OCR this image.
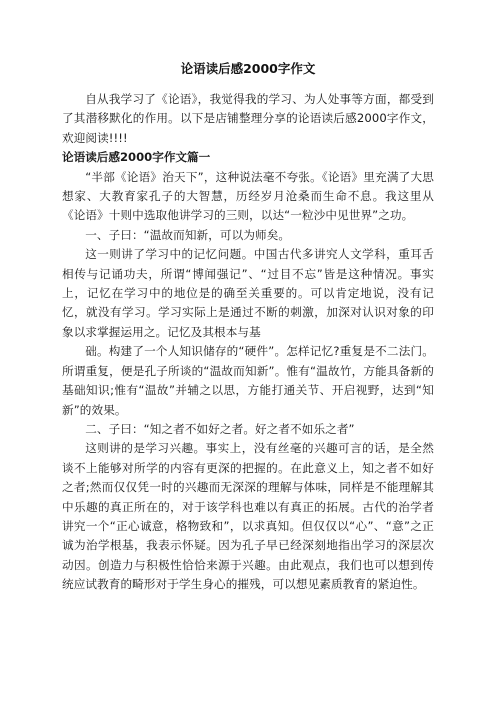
论语读后感2000字作文

自从我学习了《论语》，我觉得我的学习、为人处事等方面，都受到了其潜移默化的作用。以下是店铺整理分享的论语读后感2000字作文，欢迎阅读!!!!

论语读后感2000字作文篇一

“半部《论语》治天下”，这种说法毫不夸张。《论语》里充满了大思想家、大教育家孔子的大智慧，历经岁月沧桑而生命不息。我这里从《论语》十则中选取他讲学习的三则，以达“一粒沙中见世界”之功。

一、子曰：“温故而知新，可以为师矣。

这一则讲了学习中的记忆问题。中国古代多讲究人文学科，重耳舌相传与记诵功夫，所谓“博闻强记”、“过目不忘”皆是这种情况。事实上，记忆在学习中的地位是的确至关重要的。可以肯定地说，没有记忆，就没有学习。学习实际上是通过不断的刺激，加深对认识对象的印象以求掌握运用之。记忆及其根本与基

础。构建了一个人知识储存的“硬件”。怎样记忆?重复是不二法门。所谓重复，便是孔子所谈的“温故而知新”。惟有“温故竹，方能具备新的基础知识;惟有“温故”并辅之以思，方能打通关节、开启视野，达到“知新”的效果。

二、子曰：“知之者不如好之者。好之者不如乐之者”

这则讲的是学习兴趣。事实上，没有丝毫的兴趣可言的话，是全然谈不上能够对所学的内容有更深的把握的。在此意义上，知之者不如好之者;然而仅仅凭一时的兴趣而无深深的理解与体味，同样是不能理解其中乐趣的真正所在的，对于该学科也难以有真正的拓展。古代的治学者讲究一个“正心诚意，格物致和”，以求真知。但仅仅以“心”、“意”之正诚为治学根基，我表示怀疑。因为孔子早已经深刻地指出学习的深层次动因。创造力与积极性恰恰来源于兴趣。由此观点，我们也可以想到传统应试教育的畸形对于学生身心的摧残，可以想见素质教育的紧迫性。
